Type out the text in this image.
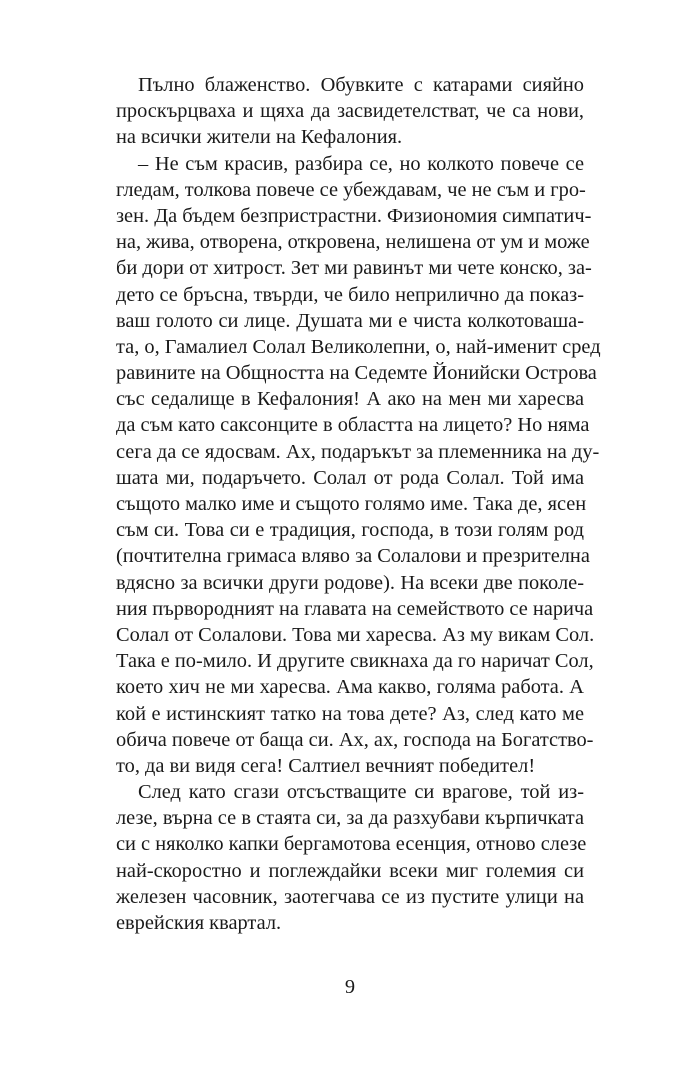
Пълно блаженство. Обувките с катарами сияйно
проскърцваха и щяха да засвидетелстват, че са нови,
на всички жители на Кефалония.
– Не съм красив, разбира се, но колкото повече се
гледам, толкова повече се убеждавам, че не съм и гро-
зен. Да бъдем безпристрастни. Физиономия симпатич-
на, жива, отворена, откровена, нелишена от ум и може
би дори от хитрост. Зет ми равинът ми чете конско, за-
дето се бръсна, твърди, че било неприлично да показ-
ваш голото си лице. Душата ми е чиста колкотоваша-
та, о, Гамалиел Солал Великолепни, о, най-именит сред
равините на Общността на Седемте Йонийски Острова
със седалище в Кефалония! А ако на мен ми харесва
да съм като саксонците в областта на лицето? Но няма
сега да се ядосвам. Ах, подаръкът за племенника на ду-
шата ми, подаръчето. Солал от рода Солал. Той има
същото малко име и същото голямо име. Така де, ясен
съм си. Това си е традиция, господа, в този голям род
(почтителна гримаса вляво за Солалови и презрителна
вдясно за всички други родове). На всеки две поколе-
ния първородният на главата на семейството се нарича
Солал от Солалови. Това ми харесва. Аз му викам Сол.
Така е по-мило. И другите свикнаха да го наричат Сол,
което хич не ми харесва. Ама какво, голяма работа. А
кой е истинският татко на това дете? Аз, след като ме
обича повече от баща си. Ах, ах, господа на Богатство-
то, да ви видя сега! Салтиел вечният победител!
След като сгази отсъстващите си врагове, той из-
лезе, върна се в стаята си, за да разхубави кърпичката
си с няколко капки бергамотова есенция, отново слезе
най-скоростно и поглеждайки всеки миг големия си
железен часовник, заотегчава се из пустите улици на
еврейския квартал.
9
